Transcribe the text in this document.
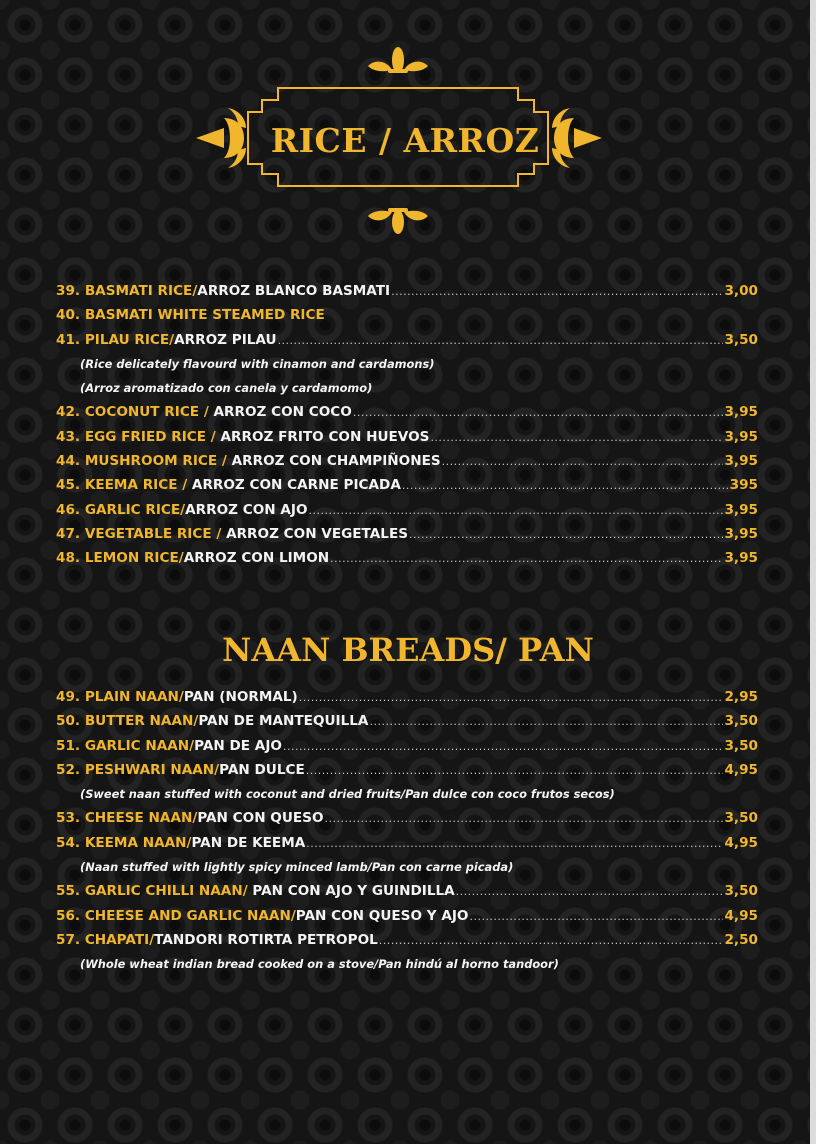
RICE / ARROZ
39. BASMATI RICE/ARROZ BLANCO BASMATI .....	3,00
40. BASMATI WHITE STEAMED RICE
41. PILAU RICE/ARROZ PILAU .....	3,50
(Rice delicately flavourd with cinamon and cardamons)
(Arroz aromatizado con canela y cardamomo)
42. COCONUT RICE / ARROZ CON COCO .....	3,95
43. EGG FRIED RICE / ARROZ FRITO CON HUEVOS .....	3,95
44. MUSHROOM RICE / ARROZ CON CHAMPIÑONES .....	3,95
45. KEEMA RICE / ARROZ CON CARNE PICADA .....	395
46. GARLIC RICE/ARROZ CON AJO .....	3,95
47. VEGETABLE RICE / ARROZ CON VEGETALES .....	3,95
48. LEMON RICE/ARROZ CON LIMON .....	3,95
NAAN BREADS/ PAN
49. PLAIN NAAN/PAN (NORMAL) .....	2,95
50. BUTTER NAAN/PAN DE MANTEQUILLA .....	3,50
51. GARLIC NAAN/PAN DE AJO .....	3,50
52. PESHWARI NAAN/PAN DULCE .....	4,95
(Sweet naan stuffed with coconut and dried fruits/Pan dulce con coco frutos secos)
53. CHEESE NAAN/PAN CON QUESO .....	3,50
54. KEEMA NAAN/PAN DE KEEMA .....	4,95
(Naan stuffed with lightly spicy minced lamb/Pan con carne picada)
55. GARLIC CHILLI NAAN/ PAN CON AJO Y GUINDILLA .....	3,50
56. CHEESE AND GARLIC NAAN/PAN CON QUESO Y AJO .....	4,95
57. CHAPATI/TANDORI ROTIRTA PETROPOL .....	2,50
(Whole wheat indian bread cooked on a stove/Pan hindú al horno tandoor)
